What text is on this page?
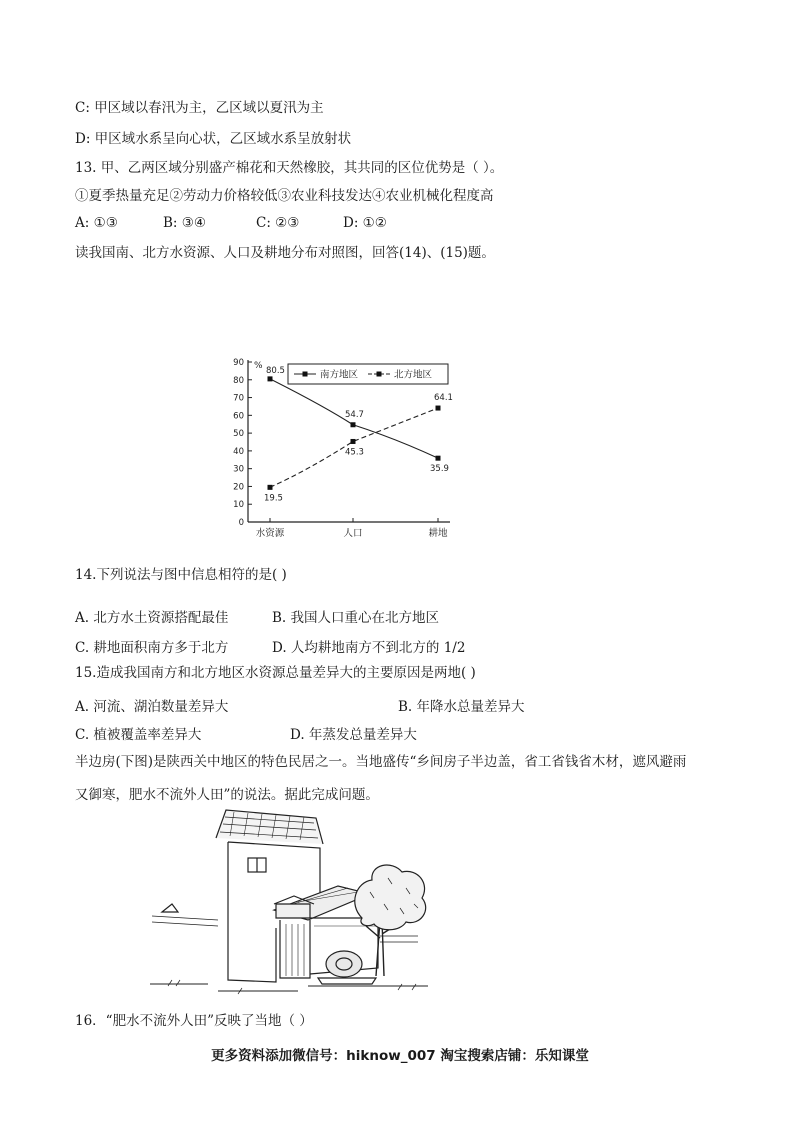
C: 甲区域以春汛为主，乙区域以夏汛为主
D: 甲区域水系呈向心状，乙区域水系呈放射状
13. 甲、乙两区域分别盛产棉花和天然橡胶，其共同的区位优势是（ ）。
①夏季热量充足②劳动力价格较低③农业科技发达④农业机械化程度高
A: ①③	B: ③④	C: ②③	D: ①②
读我国南、北方水资源、人口及耕地分布对照图，回答(14)、(15)题。
0
10
20
30
40
50
60
70
80
90 %
水资源	人口	耕地
80.5
54.7
35.9
19.5
45.3
64.1
南方地区	北方地区
14.下列说法与图中信息相符的是( )
A. 北方水土资源搭配最佳	B. 我国人口重心在北方地区
C. 耕地面积南方多于北方	D. 人均耕地南方不到北方的 1/2
15.造成我国南方和北方地区水资源总量差异大的主要原因是两地( )
A. 河流、湖泊数量差异大	B. 年降水总量差异大
C. 植被覆盖率差异大	D. 年蒸发总量差异大
半边房(下图)是陕西关中地区的特色民居之一。当地盛传“乡间房子半边盖，省工省钱省木材，遮风避雨
又御寒，肥水不流外人田”的说法。据此完成问题。
16．“肥水不流外人田”反映了当地（ ）
更多资料添加微信号：hiknow_007 淘宝搜索店铺：乐知课堂
